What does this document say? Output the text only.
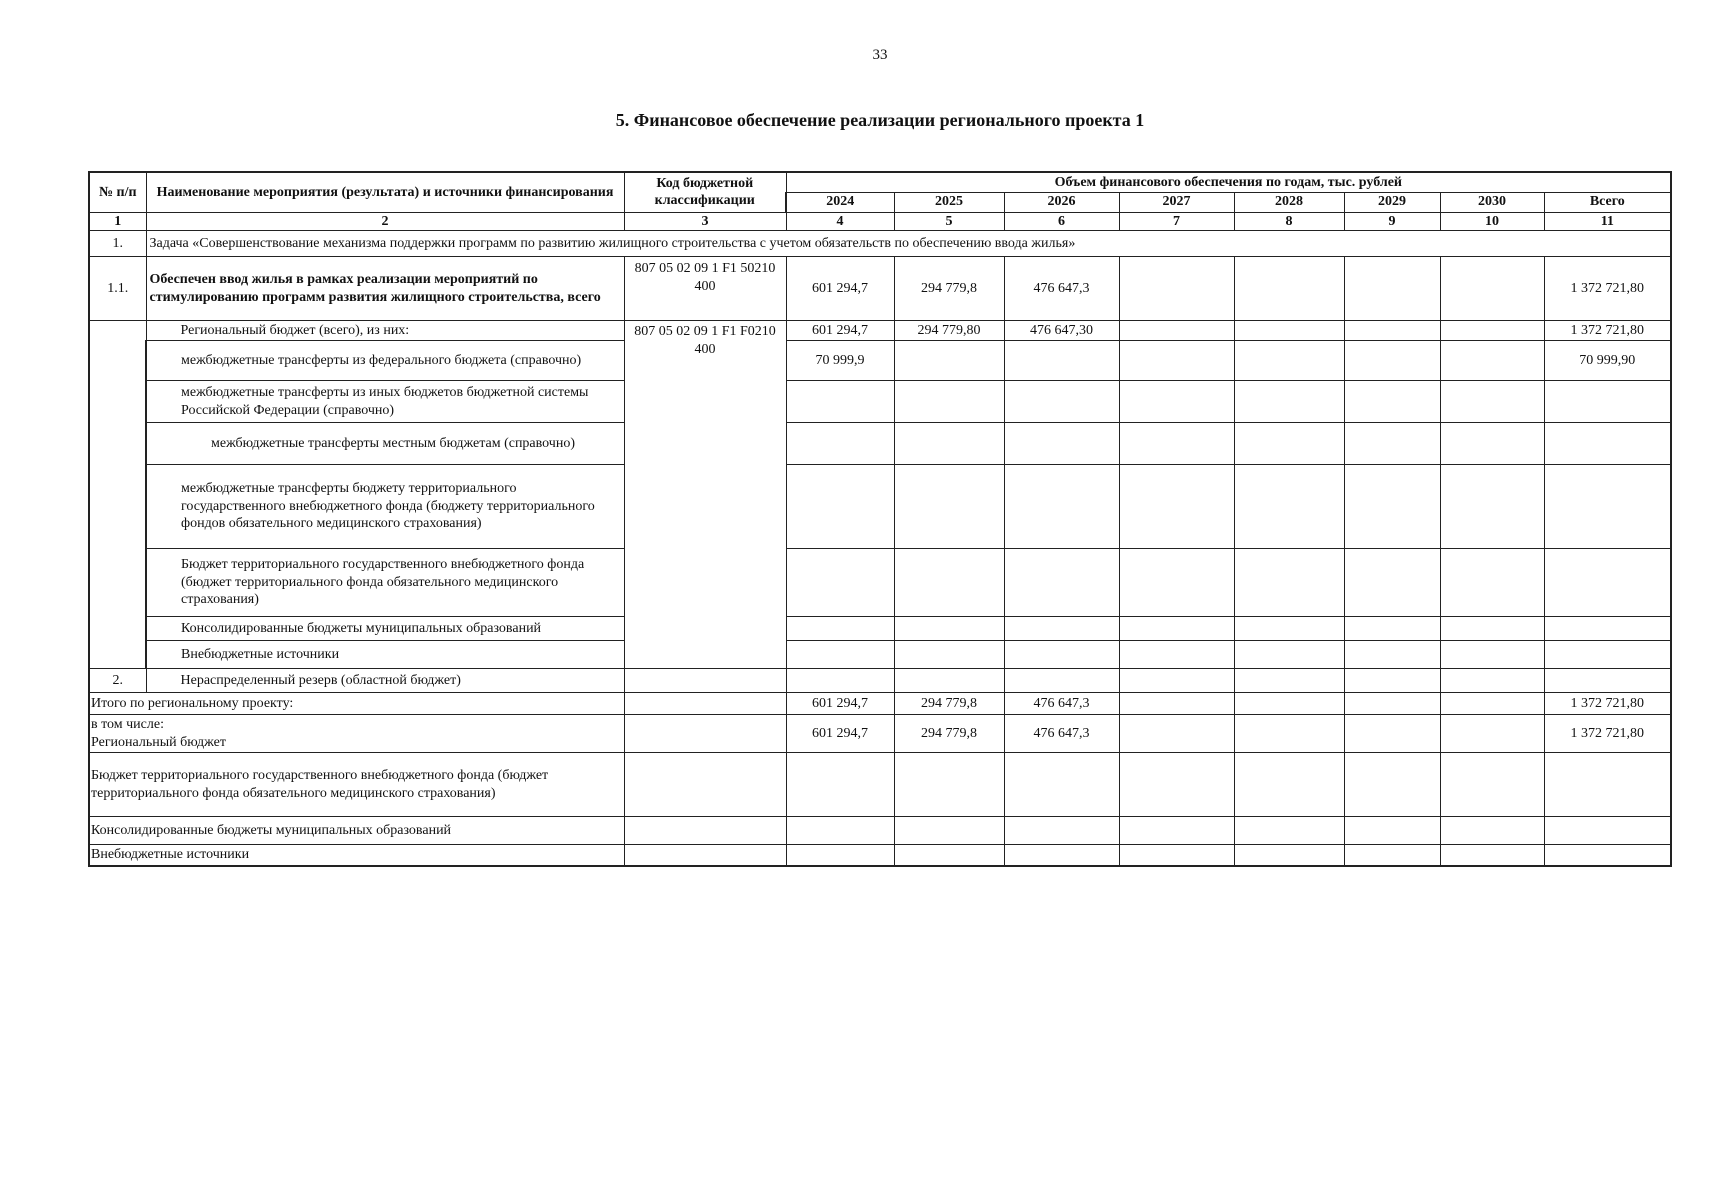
33
5. Финансовое обеспечение реализации регионального проекта 1
№ п/п	Наименование мероприятия (результата) и источники финансирования	Код бюджетной классификации	Объем финансового обеспечения по годам, тыс. рублей							
			2024	2025	2026	2027	2028	2029	2030	Всего
1	2	3	4	5	6	7	8	9	10	11
1.	Задача «Совершенствование механизма поддержки программ по развитию жилищного строительства с учетом обязательств по обеспечению ввода жилья»									
1.1.	Обеспечен ввод жилья в рамках реализации мероприятий по стимулированию программ развития жилищного строительства, всего	807 05 02 09 1 F1 50210 400	601 294,7	294 779,8	476 647,3					1 372 721,80
	Региональный бюджет (всего), из них:	807 05 02 09 1 F1 F0210 400	601 294,7	294 779,80	476 647,30					1 372 721,80
	межбюджетные трансферты из федерального бюджета (справочно)		70 999,9							70 999,90
	межбюджетные трансферты из иных бюджетов бюджетной системы Российской Федерации (справочно)									
	межбюджетные трансферты местным бюджетам (справочно)									
	межбюджетные трансферты бюджету территориального государственного внебюджетного фонда (бюджету территориального фондов обязательного медицинского страхования)									
	Бюджет территориального государственного внебюджетного фонда (бюджет территориального фонда обязательного медицинского страхования)									
	Консолидированные бюджеты муниципальных образований									
	Внебюджетные источники									
2.	Нераспределенный резерв (областной бюджет)									
Итого по региональному проекту:			601 294,7	294 779,8	476 647,3					1 372 721,80

в том числе:
Региональный бюджет			601 294,7	294 779,8	476 647,3					1 372 721,80
Бюджет территориального государственного внебюджетного фонда (бюджет территориального фонда обязательного медицинского страхования)										
Консолидированные бюджеты муниципальных образований										
Внебюджетные источники										
